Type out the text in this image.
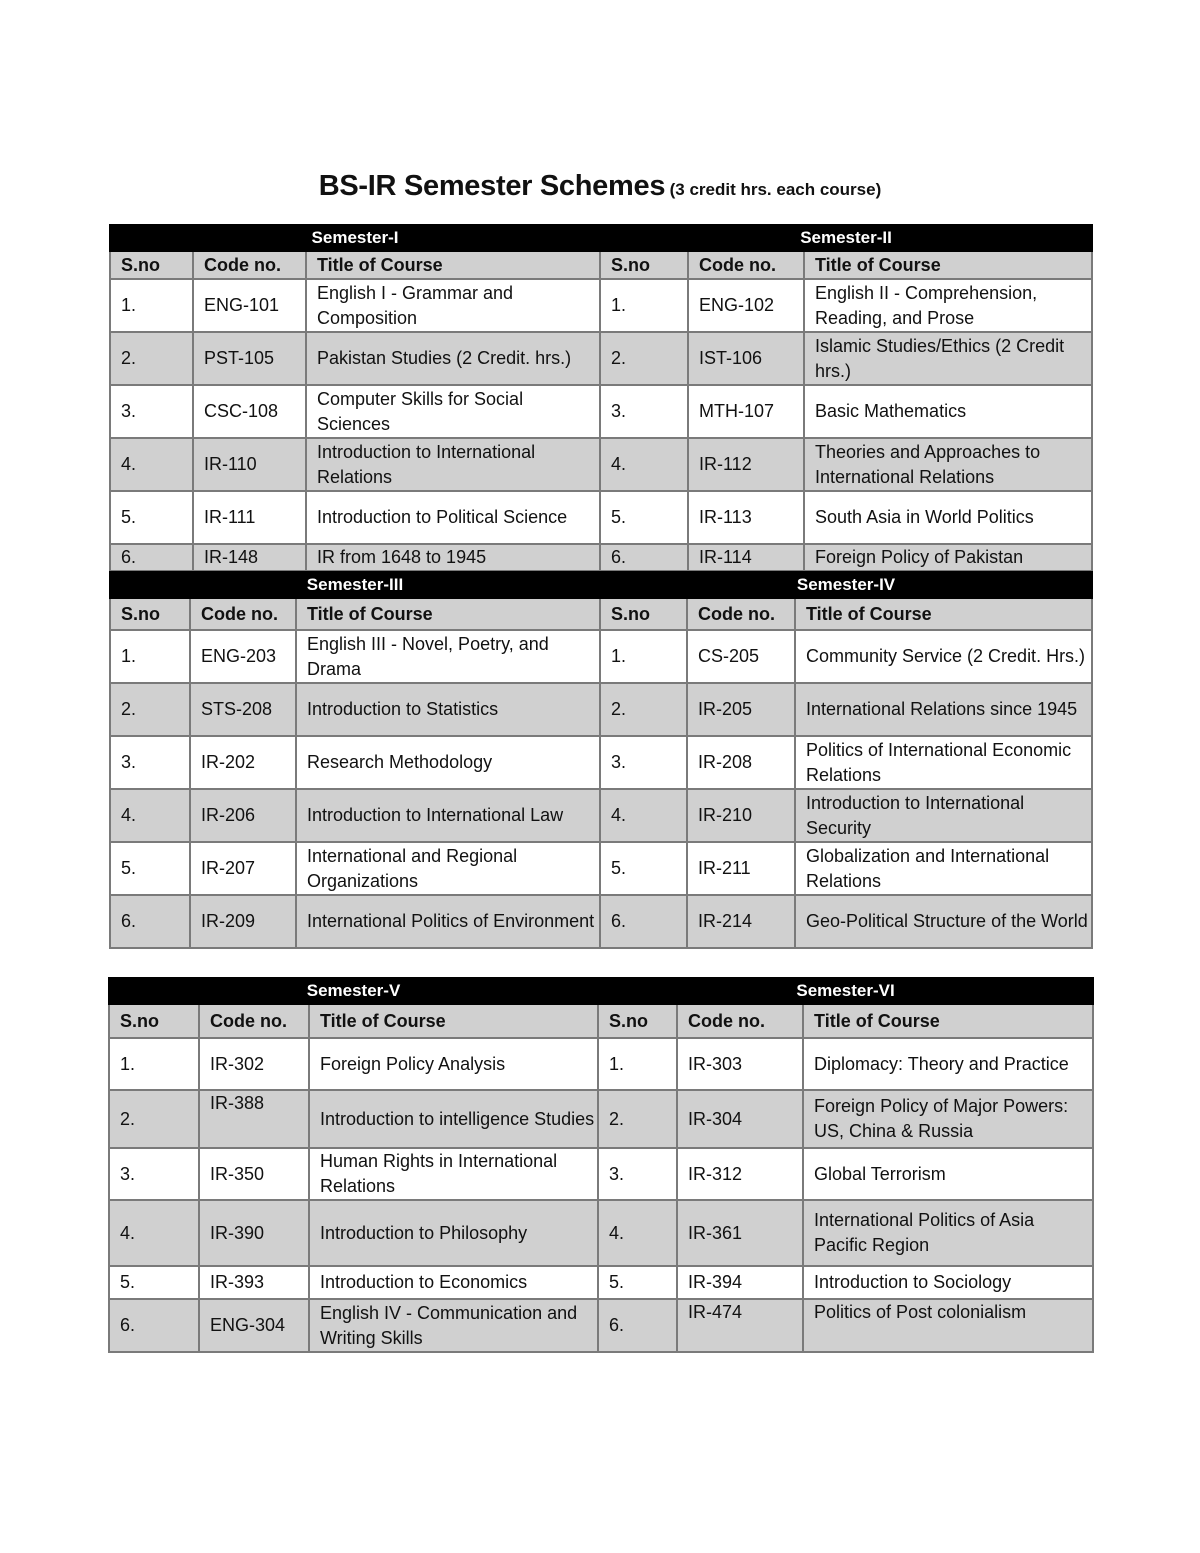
BS-IR Semester Schemes (3 credit hrs. each course)
Semester-I			Semester-II		
S.no	Code no.	Title of Course	S.no	Code no.	Title of Course
1.	ENG-101	English I - Grammar and Composition	1.	ENG-102	English II - Comprehension, Reading, and Prose
2.	PST-105	Pakistan Studies (2 Credit. hrs.)	2.	IST-106	Islamic Studies/Ethics (2 Credit hrs.)
3.	CSC-108	Computer Skills for Social Sciences	3.	MTH-107	Basic Mathematics
4.	IR-110	Introduction to International Relations	4.	IR-112	Theories and Approaches to International Relations
5.	IR-111	Introduction to Political Science	5.	IR-113	South Asia in World Politics
6.	IR-148	IR from 1648 to 1945	6.	IR-114	Foreign Policy of Pakistan
Semester-III			Semester-IV		
S.no	Code no.	Title of Course	S.no	Code no.	Title of Course
1.	ENG-203	English III - Novel, Poetry, and Drama	1.	CS-205	Community Service (2 Credit. Hrs.)
2.	STS-208	Introduction to Statistics	2.	IR-205	International Relations since 1945
3.	IR-202	Research Methodology	3.	IR-208	Politics of International Economic Relations
4.	IR-206	Introduction to International Law	4.	IR-210	Introduction to International Security
5.	IR-207	International and Regional Organizations	5.	IR-211	Globalization and International Relations
6.	IR-209	International Politics of Environment	6.	IR-214	Geo-Political Structure of the World
Semester-V			Semester-VI		
S.no	Code no.	Title of Course	S.no	Code no.	Title of Course
1.	IR-302	Foreign Policy Analysis	1.	IR-303	Diplomacy: Theory and Practice
2.	IR-388	Introduction to intelligence Studies	2.	IR-304	Foreign Policy of Major Powers: US, China & Russia
3.	IR-350	Human Rights in International Relations	3.	IR-312	Global Terrorism
4.	IR-390	Introduction to Philosophy	4.	IR-361	International Politics of Asia Pacific Region
5.	IR-393	Introduction to Economics	5.	IR-394	Introduction to Sociology
6.	ENG-304	English IV - Communication and Writing Skills	6.	IR-474	Politics of Post colonialism
